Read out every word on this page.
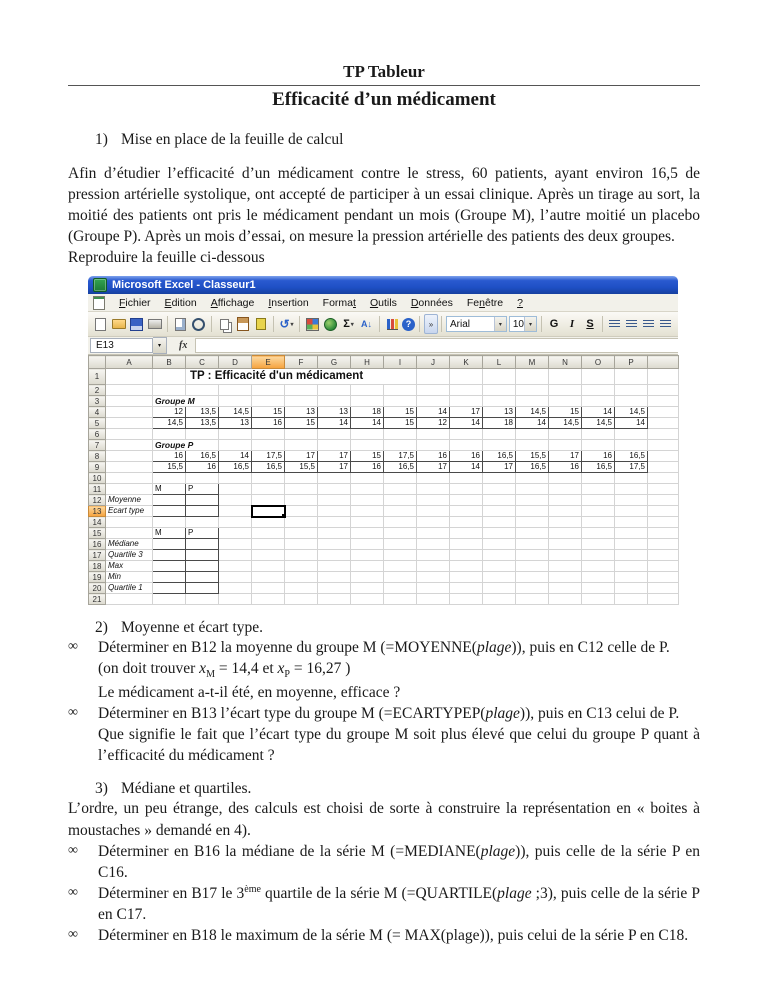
TP Tableur
Efficacité d’un médicament
1) Mise en place de la feuille de calcul

Afin d’étudier l’efficacité d’un médicament contre le stress, 60 patients, ayant environ 16,5 de pression artérielle systolique, ont accepté de participer à un essai clinique. Après un tirage au sort, la moitié des patients ont pris le médicament pendant un mois (Groupe M), l’autre moitié un placebo (Groupe P). Après un mois d’essai, on mesure la pression artérielle des patients des deux groupes.

Reproduire la feuille ci-dessous

Microsoft Excel - Classeur1
Fichier Edition Affichage Insertion Format Outils Données Fenêtre ?
↺ ▾	Σ ▾ A↓	? » Arial	▾	10 ▾	G	I	S
E13	▾	fx
	A	B	C	D	E	F	G	H	I	J	K	L	M	N	O	P	
1			TP : Efficacité d'un médicament														
2																	
3		Groupe M															
4		12	13,5	14,5	15	13	13	18	15	14	17	13	14,5	15	14	14,5	
5		14,5	13,5	13	16	15	14	14	15	12	14	18	14	14,5	14,5	14	
6																	
7		Groupe P															
8		16	16,5	14	17,5	17	17	15	17,5	16	16	16,5	15,5	17	16	16,5	
9		15,5	16	16,5	16,5	15,5	17	16	16,5	17	14	17	16,5	16	16,5	17,5	
10																	
11		M	P														
12	Moyenne																
13	Ecart type																
14																	
15		M	P														
16	Médiane																
17	Quartile 3																
18	Max																
19	Min																
20	Quartile 1																
21																	
2) Moyenne et écart type.
∞	Déterminer en B12 la moyenne du groupe M (=MOYENNE(plage)), puis en C12 celle de P.
(on doit trouver $x_M = 14,4$ et $x_P = 16,27$ )
Le médicament a-t-il été, en moyenne, efficace ?
∞	Déterminer en B13 l’écart type du groupe M (=ECARTYPEP(plage)), puis en C13 celui de P.
Que signifie le fait que l’écart type du groupe M soit plus élevé que celui du groupe P quant à l’efficacité du médicament ?
3) Médiane et quartiles.

L’ordre, un peu étrange, des calculs est choisi de sorte à construire la représentation en « boites à moustaches » demandé en 4).

∞	Déterminer en B16 la médiane de la série M (=MEDIANE(plage)), puis celle de la série P en C16.
∞	Déterminer en B17 le 3ème quartile de la série M (=QUARTILE(plage ;3), puis celle de la série P en C17.
∞	Déterminer en B18 le maximum de la série M (= MAX(plage)), puis celui de la série P en C18.
